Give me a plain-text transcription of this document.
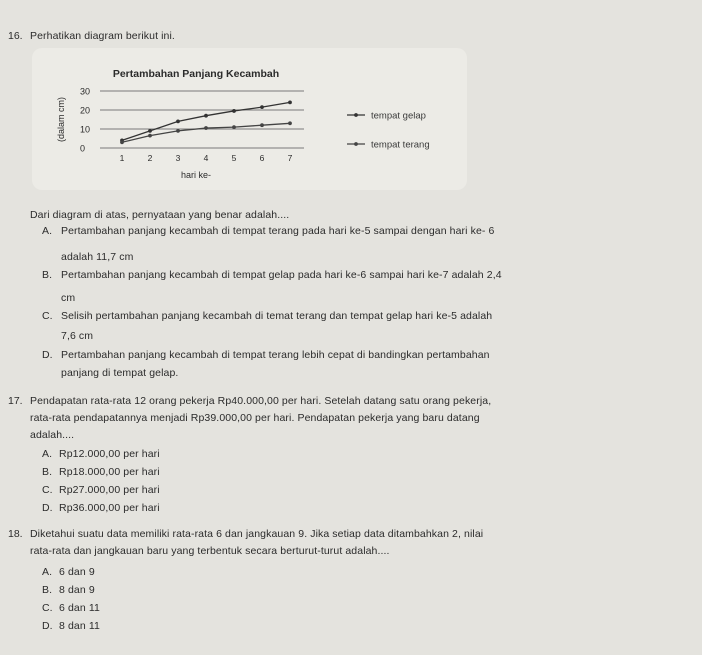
16. Perhatikan diagram berikut ini.
Pertambahan Panjang Kecambah
30
20
10
0
(dalam cm)
1	2	3	4	5	6	7
hari ke-
tempat gelap
tempat terang
Dari diagram di atas, pernyataan yang benar adalah....
A. Pertambahan panjang kecambah di tempat terang pada hari ke-5 sampai dengan hari ke- 6
adalah 11,7 cm
B. Pertambahan panjang kecambah di tempat gelap pada hari ke-6 sampai hari ke-7 adalah 2,4
cm
C. Selisih pertambahan panjang kecambah di temat terang dan tempat gelap hari ke-5 adalah
7,6 cm
D. Pertambahan panjang kecambah di tempat terang lebih cepat di bandingkan pertambahan
panjang di tempat gelap.
17. Pendapatan rata-rata 12 orang pekerja Rp40.000,00 per hari. Setelah datang satu orang pekerja,
rata-rata pendapatannya menjadi Rp39.000,00 per hari. Pendapatan pekerja yang baru datang
adalah....
A. Rp12.000,00 per hari
B. Rp18.000,00 per hari
C. Rp27.000,00 per hari
D. Rp36.000,00 per hari
18. Diketahui suatu data memiliki rata-rata 6 dan jangkauan 9. Jika setiap data ditambahkan 2, nilai
rata-rata dan jangkauan baru yang terbentuk secara berturut-turut adalah....
A. 6 dan 9
B. 8 dan 9
C. 6 dan 11
D. 8 dan 11
